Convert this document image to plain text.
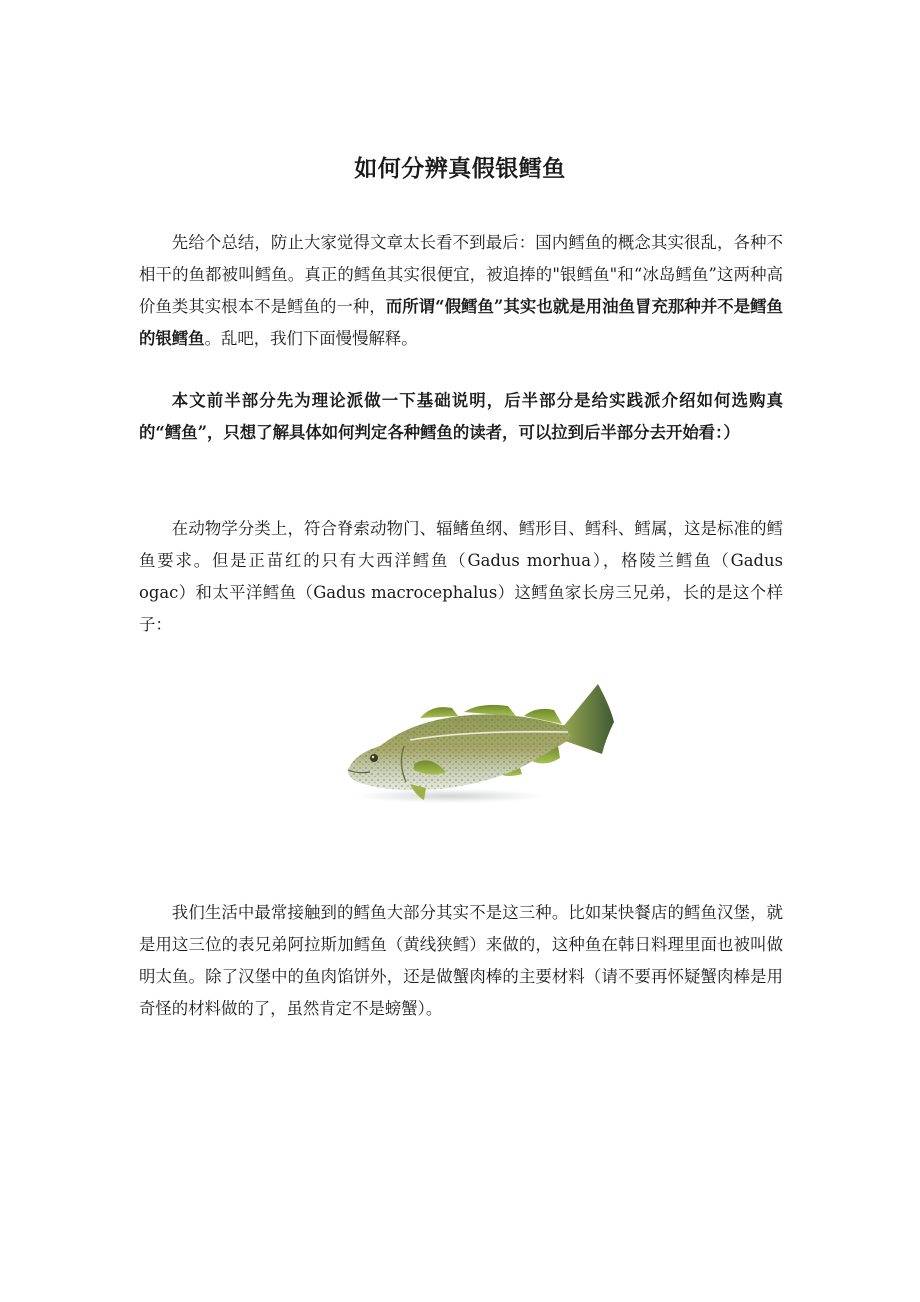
如何分辨真假银鳕鱼

先给个总结，防止大家觉得文章太长看不到最后：国内鳕鱼的概念其实很乱，各种不相干的鱼都被叫鳕鱼。真正的鳕鱼其实很便宜，被追捧的"银鳕鱼"和“冰岛鳕鱼”这两种高价鱼类其实根本不是鳕鱼的一种，而所谓“假鳕鱼”其实也就是用油鱼冒充那种并不是鳕鱼的银鳕鱼。乱吧，我们下面慢慢解释。

本文前半部分先为理论派做一下基础说明，后半部分是给实践派介绍如何选购真的“鳕鱼”，只想了解具体如何判定各种鳕鱼的读者，可以拉到后半部分去开始看：）

在动物学分类上，符合脊索动物门、辐鳍鱼纲、鳕形目、鳕科、鳕属，这是标准的鳕鱼要求。但是正苗红的只有大西洋鳕鱼（Gadus morhua），格陵兰鳕鱼（Gadus ogac）和太平洋鳕鱼（Gadus macrocephalus）这鳕鱼家长房三兄弟，长的是这个样子：

我们生活中最常接触到的鳕鱼大部分其实不是这三种。比如某快餐店的鳕鱼汉堡，就是用这三位的表兄弟阿拉斯加鳕鱼（黄线狭鳕）来做的，这种鱼在韩日料理里面也被叫做明太鱼。除了汉堡中的鱼肉馅饼外，还是做蟹肉棒的主要材料（请不要再怀疑蟹肉棒是用奇怪的材料做的了，虽然肯定不是螃蟹）。
